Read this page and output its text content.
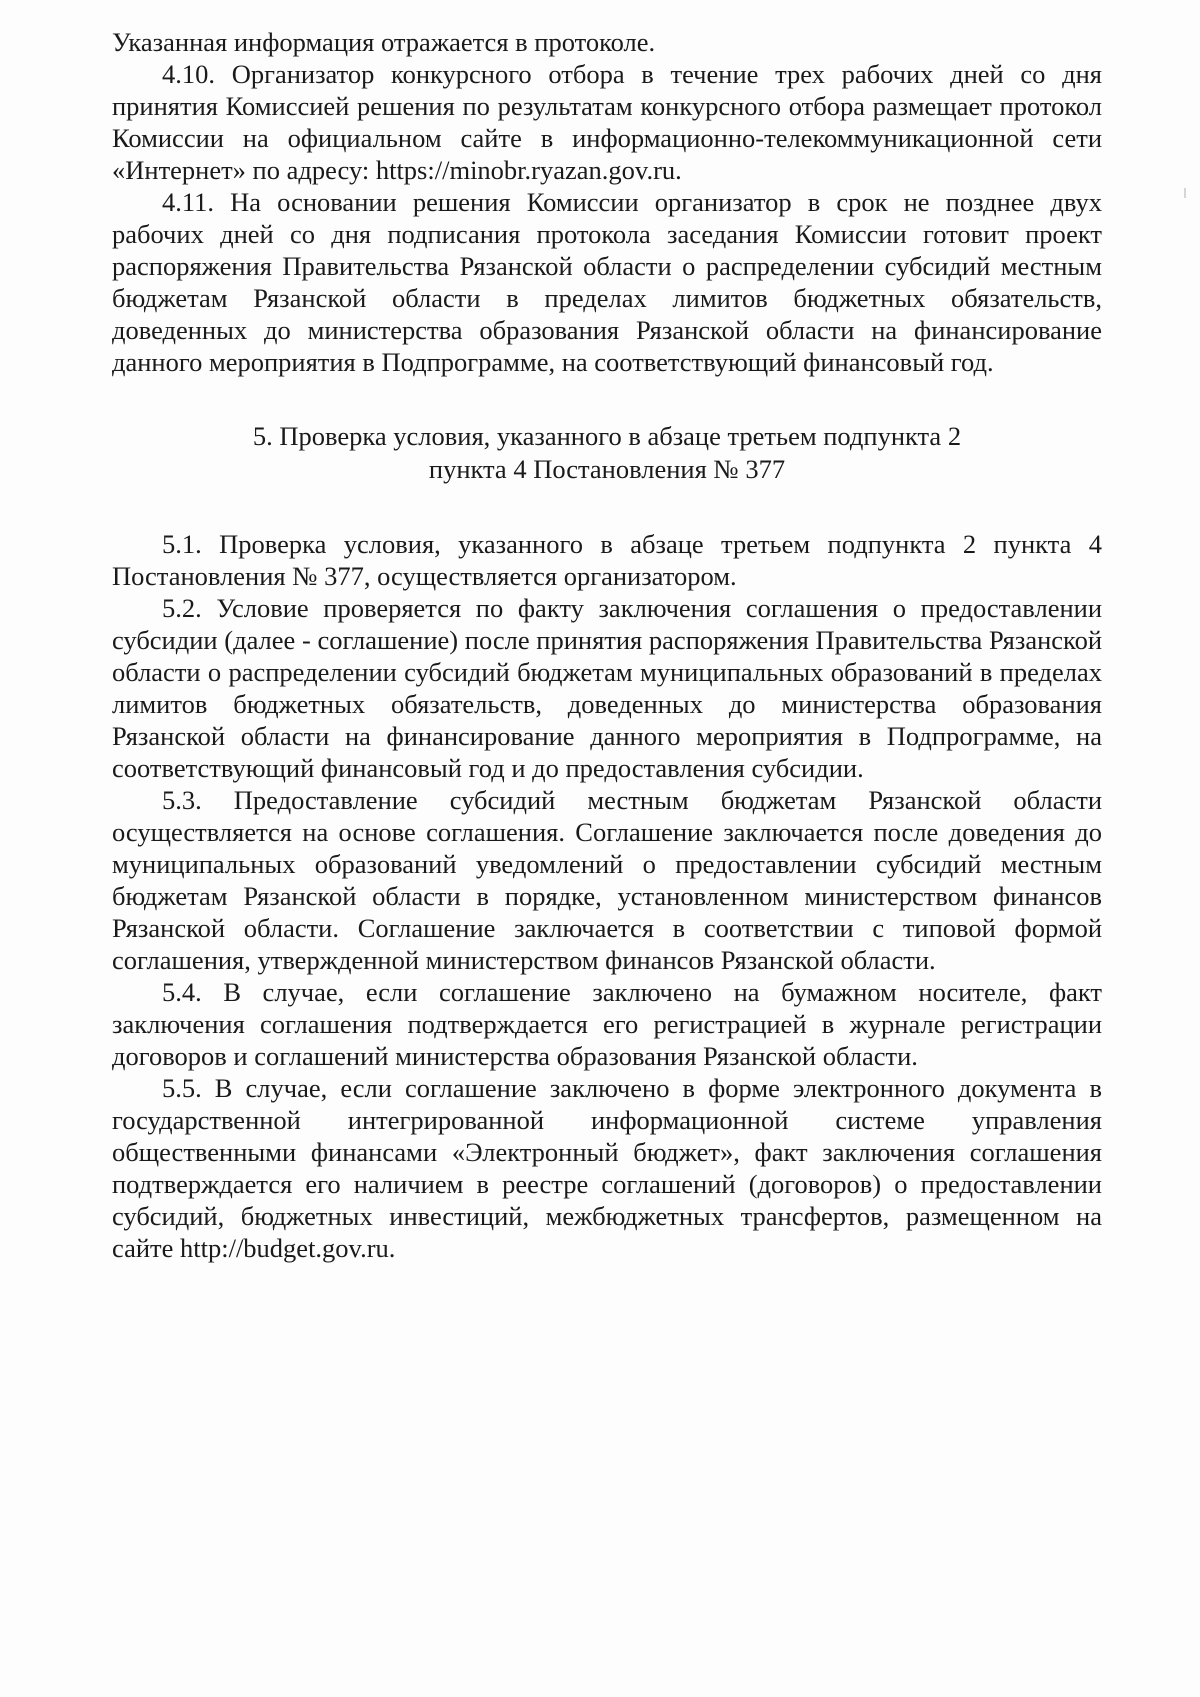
Указанная информация отражается в протоколе.

4.10. Организатор конкурсного отбора в течение трех рабочих дней со дня принятия Комиссией решения по результатам конкурсного отбора размещает протокол Комиссии на официальном сайте в информационно-телекоммуникационной сети «Интернет» по адресу: https://minobr.ryazan.gov.ru.

4.11. На основании решения Комиссии организатор в срок не позднее двух рабочих дней со дня подписания протокола заседания Комиссии готовит проект распоряжения Правительства Рязанской области о распределении субсидий местным бюджетам Рязанской области в пределах лимитов бюджетных обязательств, доведенных до министерства образования Рязанской области на финансирование данного мероприятия в Подпрограмме, на соответствующий финансовый год.

5. Проверка условия, указанного в абзаце третьем подпункта 2
пункта 4 Постановления № 377

5.1. Проверка условия, указанного в абзаце третьем подпункта 2 пункта 4 Постановления № 377, осуществляется организатором.

5.2. Условие проверяется по факту заключения соглашения о предоставлении субсидии (далее - соглашение) после принятия распоряжения Правительства Рязанской области о распределении субсидий бюджетам муниципальных образований в пределах лимитов бюджетных обязательств, доведенных до министерства образования Рязанской области на финансирование данного мероприятия в Подпрограмме, на соответствующий финансовый год и до предоставления субсидии.

5.3. Предоставление субсидий местным бюджетам Рязанской области осуществляется на основе соглашения. Соглашение заключается после доведения до муниципальных образований уведомлений о предоставлении субсидий местным бюджетам Рязанской области в порядке, установленном министерством финансов Рязанской области. Соглашение заключается в соответствии с типовой формой соглашения, утвержденной министерством финансов Рязанской области.

5.4. В случае, если соглашение заключено на бумажном носителе, факт заключения соглашения подтверждается его регистрацией в журнале регистрации договоров и соглашений министерства образования Рязанской области.

5.5. В случае, если соглашение заключено в форме электронного документа в государственной интегрированной информационной системе управления общественными финансами «Электронный бюджет», факт заключения соглашения подтверждается его наличием в реестре соглашений (договоров) о предоставлении субсидий, бюджетных инвестиций, межбюджетных трансфертов, размещенном на сайте http://budget.gov.ru.
